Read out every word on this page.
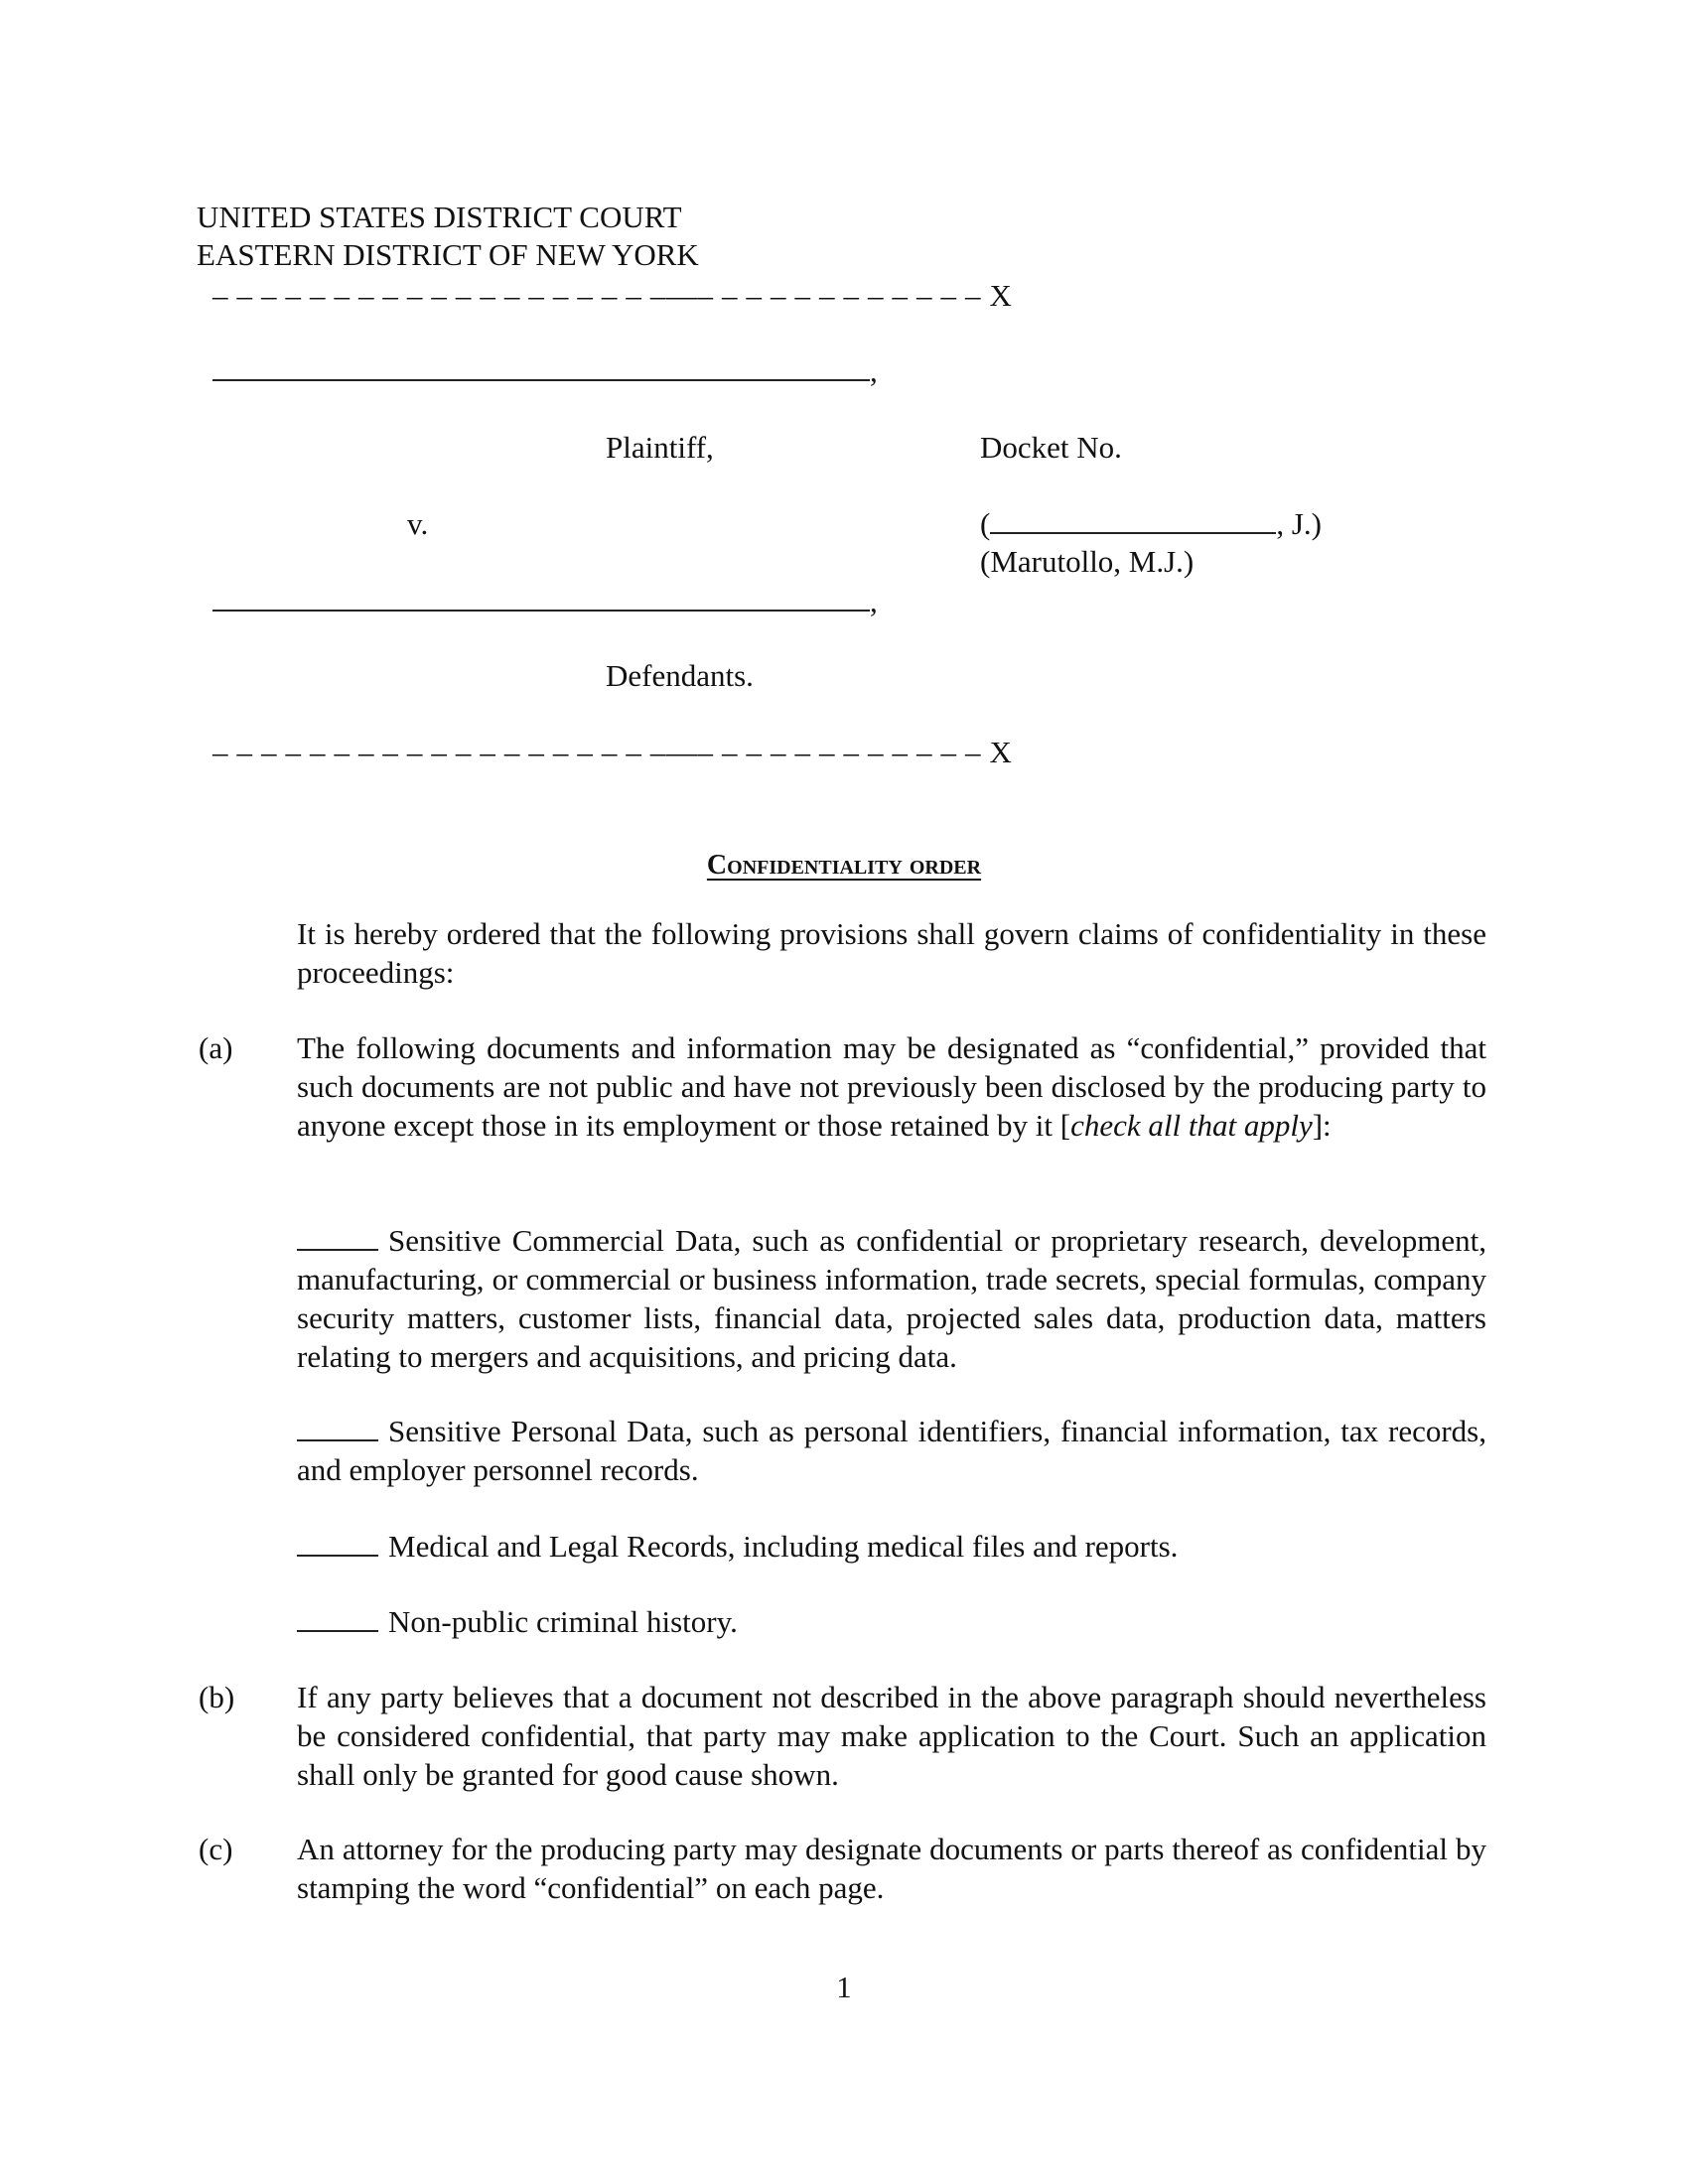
UNITED STATES DISTRICT COURT
EASTERN DISTRICT OF NEW YORK
– – – – – – – – – – – – – – – – – – –—– – – – – – – – – – – – X
,
Plaintiff,	Docket No.
v.	(	, J.)
(Marutollo, M.J.)
,
Defendants.
– – – – – – – – – – – – – – – – – – –—– – – – – – – – – – – – X
Confidentiality order
It is hereby ordered that the following provisions shall govern claims of confidentiality in these proceedings:
(a) The following documents and information may be designated as “confidential,” provided that such documents are not public and have not previously been disclosed by the producing party to anyone except those in its employment or those retained by it [check all that apply]:
Sensitive Commercial Data, such as confidential or proprietary research, development, manufacturing, or commercial or business information, trade secrets, special formulas, company security matters, customer lists, financial data, projected sales data, production data, matters relating to mergers and acquisitions, and pricing data.
Sensitive Personal Data, such as personal identifiers, financial information, tax records, and employer personnel records.
Medical and Legal Records, including medical files and reports.
Non-public criminal history.
(b) If any party believes that a document not described in the above paragraph should nevertheless be considered confidential, that party may make application to the Court. Such an application shall only be granted for good cause shown.
(c) An attorney for the producing party may designate documents or parts thereof as confidential by stamping the word “confidential” on each page.
1
